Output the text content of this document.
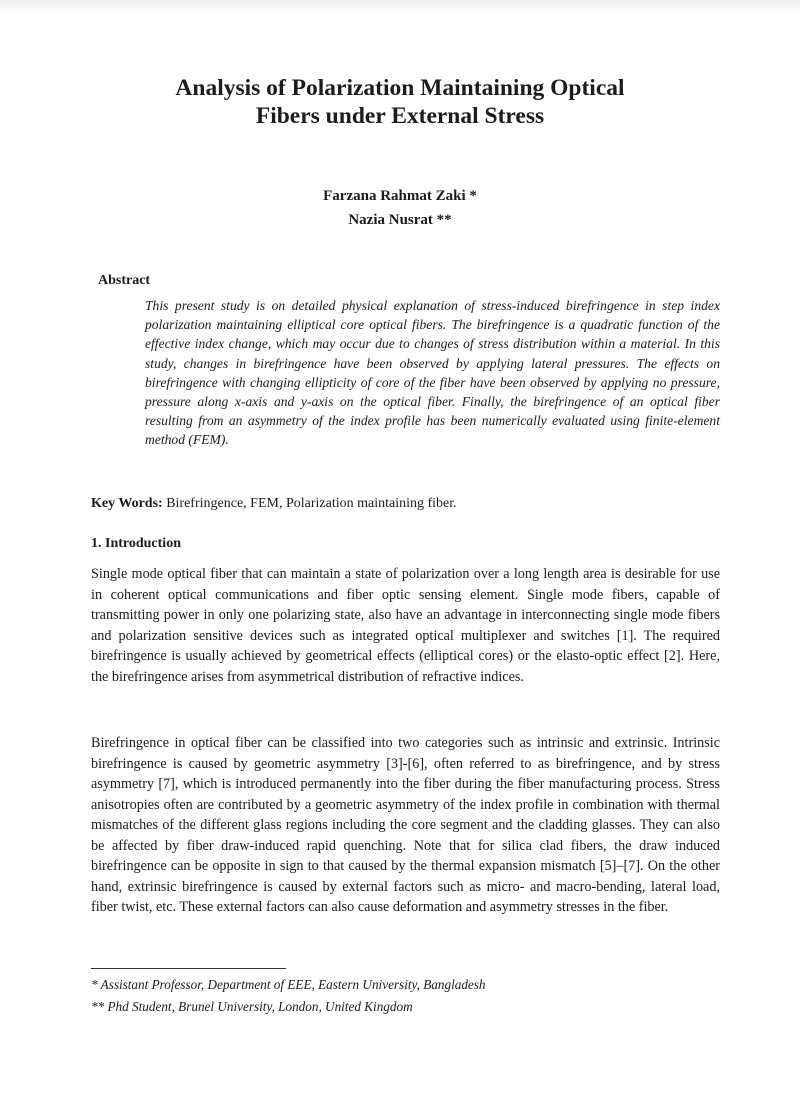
Analysis of Polarization Maintaining Optical
Fibers under External Stress

Farzana Rahmat Zaki *

Nazia Nusrat **

Abstract

This present study is on detailed physical explanation of stress-induced birefringence in step index polarization maintaining elliptical core optical fibers. The birefringence is a quadratic function of the effective index change, which may occur due to changes of stress distribution within a material. In this study, changes in birefringence have been observed by applying lateral pressures. The effects on birefringence with changing ellipticity of core of the fiber have been observed by applying no pressure, pressure along x-axis and y-axis on the optical fiber. Finally, the birefringence of an optical fiber resulting from an asymmetry of the index profile has been numerically evaluated using finite-element method (FEM).

Key Words: Birefringence, FEM, Polarization maintaining fiber.

1. Introduction

Single mode optical fiber that can maintain a state of polarization over a long length area is desirable for use in coherent optical communications and fiber optic sensing element. Single mode fibers, capable of transmitting power in only one polarizing state, also have an advantage in interconnecting single mode fibers and polarization sensitive devices such as integrated optical multiplexer and switches [1]. The required birefringence is usually achieved by geometrical effects (elliptical cores) or the elasto-optic effect [2]. Here, the birefringence arises from asymmetrical distribution of refractive indices.

Birefringence in optical fiber can be classified into two categories such as intrinsic and extrinsic. Intrinsic birefringence is caused by geometric asymmetry [3]-[6], often referred to as birefringence, and by stress asymmetry [7], which is introduced permanently into the fiber during the fiber manufacturing process. Stress anisotropies often are contributed by a geometric asymmetry of the index profile in combination with thermal mismatches of the different glass regions including the core segment and the cladding glasses. They can also be affected by fiber draw-induced rapid quenching. Note that for silica clad fibers, the draw induced birefringence can be opposite in sign to that caused by the thermal expansion mismatch [5]–[7]. On the other hand, extrinsic birefringence is caused by external factors such as micro- and macro-bending, lateral load, fiber twist, etc. These external factors can also cause deformation and asymmetry stresses in the fiber.

* Assistant Professor, Department of EEE, Eastern University, Bangladesh

** Phd Student, Brunel University, London, United Kingdom
